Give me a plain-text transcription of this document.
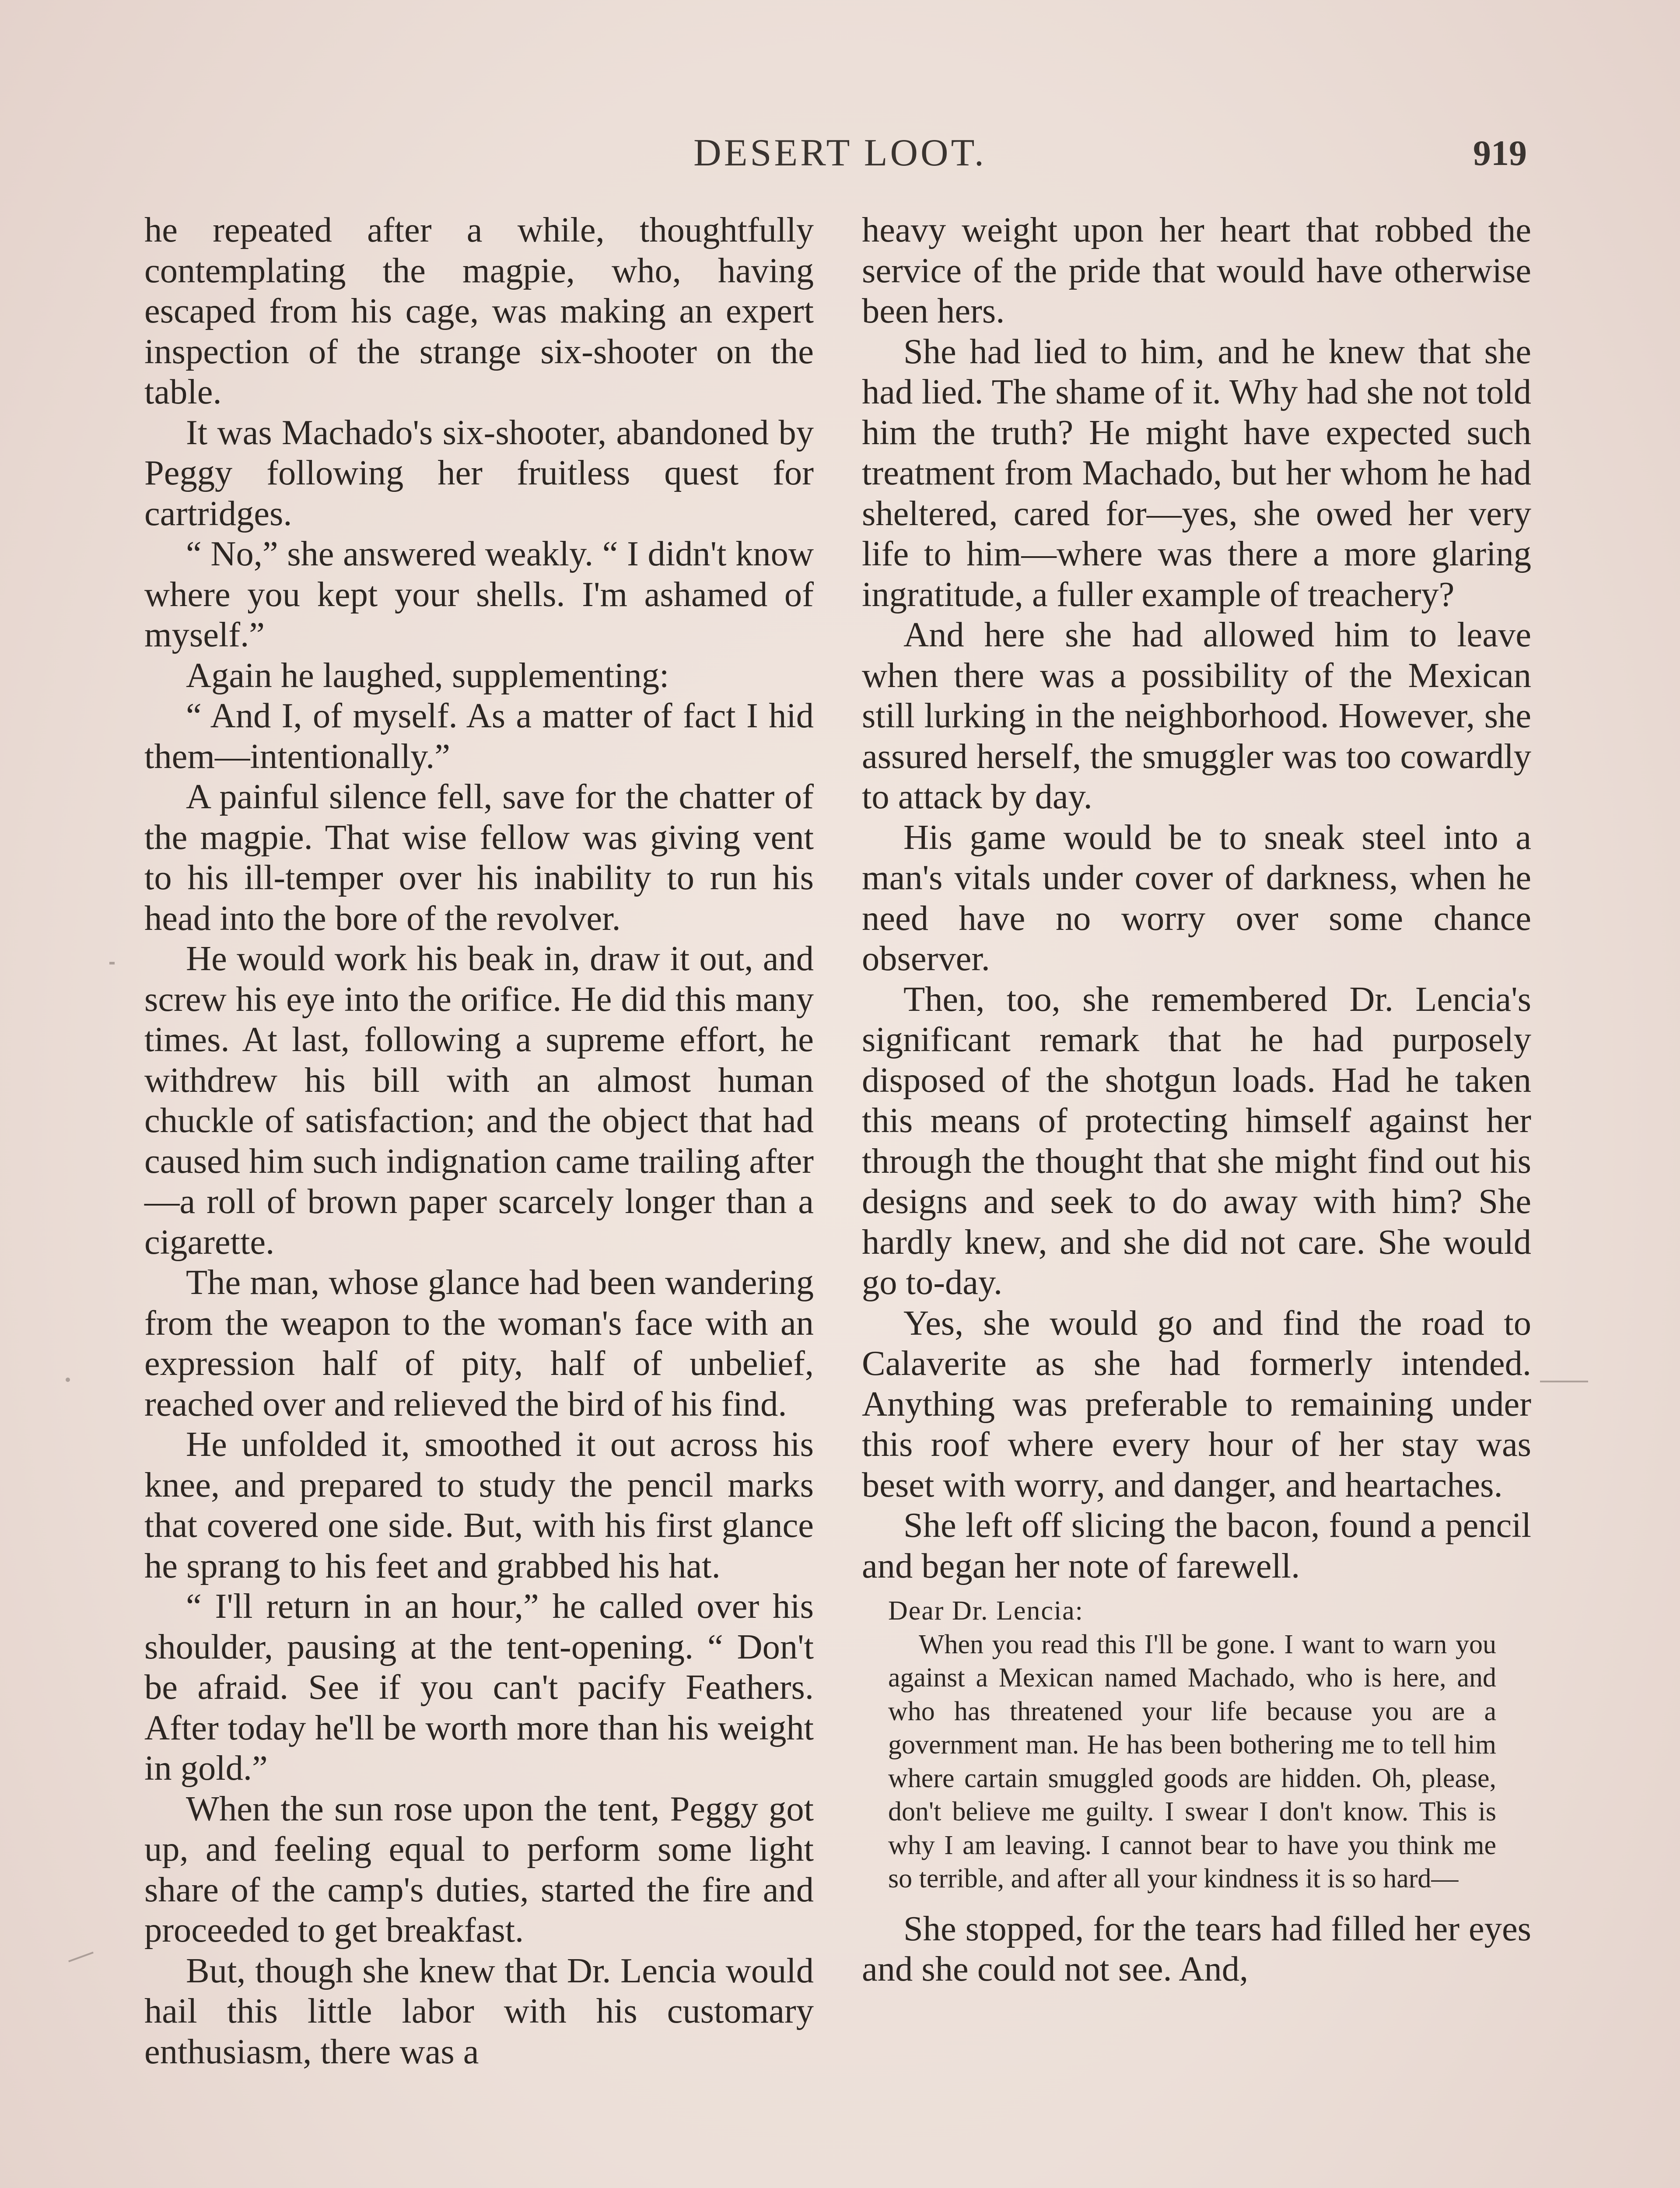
DESERT LOOT.	919

he repeated after a while, thoughtfully contemplating the magpie, who, having escaped from his cage, was making an expert inspection of the strange six-shooter on the table.

It was Machado's six-shooter, abandoned by Peggy following her fruitless quest for cartridges.

“ No,” she answered weakly. “ I didn't know where you kept your shells. I'm ashamed of myself.”

Again he laughed, supplementing:

“ And I, of myself. As a matter of fact I hid them—intentionally.”

A painful silence fell, save for the chatter of the magpie. That wise fellow was giving vent to his ill-temper over his inability to run his head into the bore of the revolver.

He would work his beak in, draw it out, and screw his eye into the orifice. He did this many times. At last, following a supreme effort, he withdrew his bill with an almost human chuckle of satisfaction; and the object that had caused him such indignation came trailing after—a roll of brown paper scarcely longer than a cigarette.

The man, whose glance had been wandering from the weapon to the woman's face with an expression half of pity, half of unbelief, reached over and relieved the bird of his find.

He unfolded it, smoothed it out across his knee, and prepared to study the pencil marks that covered one side. But, with his first glance he sprang to his feet and grabbed his hat.

“ I'll return in an hour,” he called over his shoulder, pausing at the tent-opening. “ Don't be afraid. See if you can't pacify Feathers. After today he'll be worth more than his weight in gold.”

When the sun rose upon the tent, Peggy got up, and feeling equal to perform some light share of the camp's duties, started the fire and proceeded to get breakfast.

But, though she knew that Dr. Lencia would hail this little labor with his customary enthusiasm, there was a

heavy weight upon her heart that robbed the service of the pride that would have otherwise been hers.

She had lied to him, and he knew that she had lied. The shame of it. Why had she not told him the truth? He might have expected such treatment from Machado, but her whom he had sheltered, cared for—yes, she owed her very life to him—where was there a more glaring ingratitude, a fuller example of treachery?

And here she had allowed him to leave when there was a possibility of the Mexican still lurking in the neighborhood. However, she assured herself, the smuggler was too cowardly to attack by day.

His game would be to sneak steel into a man's vitals under cover of darkness, when he need have no worry over some chance observer.

Then, too, she remembered Dr. Lencia's significant remark that he had purposely disposed of the shotgun loads. Had he taken this means of protecting himself against her through the thought that she might find out his designs and seek to do away with him? She hardly knew, and she did not care. She would go to-day.

Yes, she would go and find the road to Calaverite as she had formerly intended. Anything was preferable to remaining under this roof where every hour of her stay was beset with worry, and danger, and heartaches.

She left off slicing the bacon, found a pencil and began her note of farewell.

Dear Dr. Lencia:
When you read this I'll be gone. I want to warn you against a Mexican named Machado, who is here, and who has threatened your life because you are a government man. He has been bothering me to tell him where cartain smuggled goods are hidden. Oh, please, don't believe me guilty. I swear I don't know. This is why I am leaving. I cannot bear to have you think me so terrible, and after all your kindness it is so hard—

She stopped, for the tears had filled her eyes and she could not see. And,
